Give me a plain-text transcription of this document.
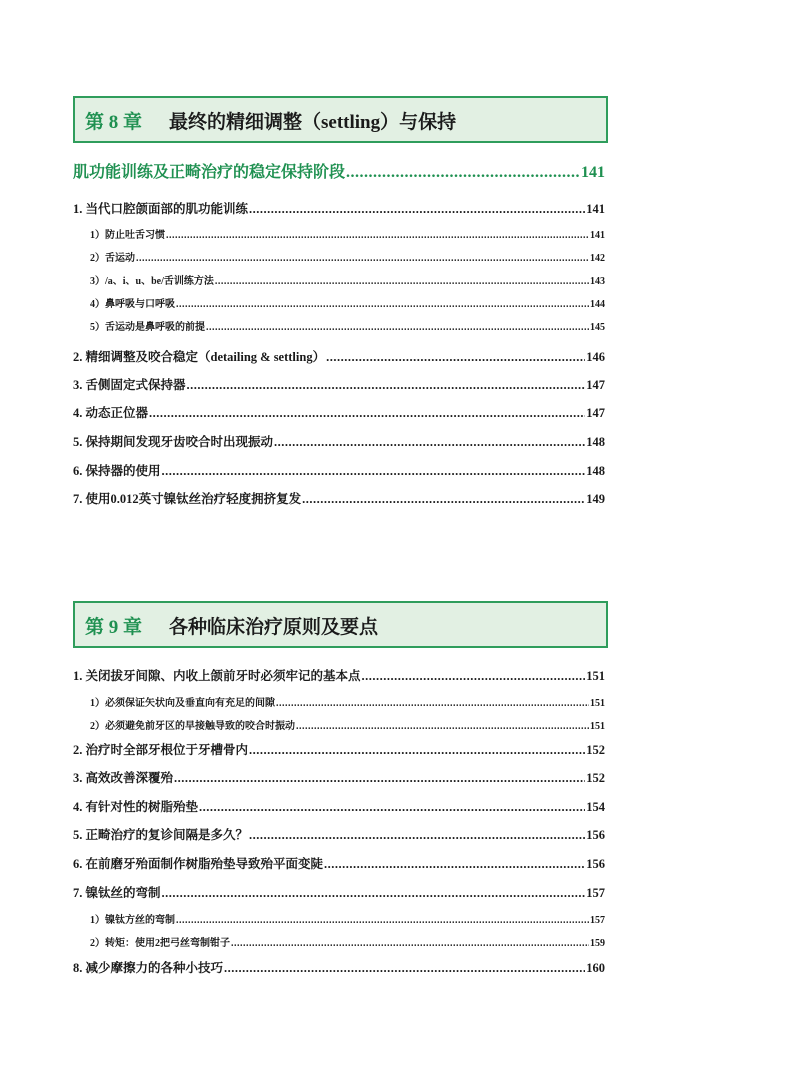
第 8 章 最终的精细调整（settling）与保持
第 9 章 各种临床治疗原则及要点
肌功能训练及正畸治疗的稳定保持阶段 .....	141
1. 当代口腔颌面部的肌功能训练 .....	141
1）防止吐舌习惯 .....	141
2）舌运动 .....	142
3）/a、i、u、be/舌训练方法 .....	143
4）鼻呼吸与口呼吸 .....	144
5）舌运动是鼻呼吸的前提 .....	145
2. 精细调整及咬合稳定（detailing & settling） .....	146
3. 舌侧固定式保持器 .....	147
4. 动态正位器 .....	147
5. 保持期间发现牙齿咬合时出现振动 .....	148
6. 保持器的使用 .....	148
7. 使用0.012英寸镍钛丝治疗轻度拥挤复发 .....	149
1. 关闭拔牙间隙、内收上颌前牙时必须牢记的基本点 .....	151
1）必须保证矢状向及垂直向有充足的间隙 .....	151
2）必须避免前牙区的早接触导致的咬合时振动 .....	151
2. 治疗时全部牙根位于牙槽骨内 .....	152
3. 高效改善深覆殆 .....	152
4. 有针对性的树脂殆垫 .....	154
5. 正畸治疗的复诊间隔是多久？ .....	156
6. 在前磨牙殆面制作树脂殆垫导致殆平面变陡 .....	156
7. 镍钛丝的弯制 .....	157
1）镍钛方丝的弯制 .....	157
2）转矩：使用2把弓丝弯制钳子 .....	159
8. 减少摩擦力的各种小技巧 .....	160
